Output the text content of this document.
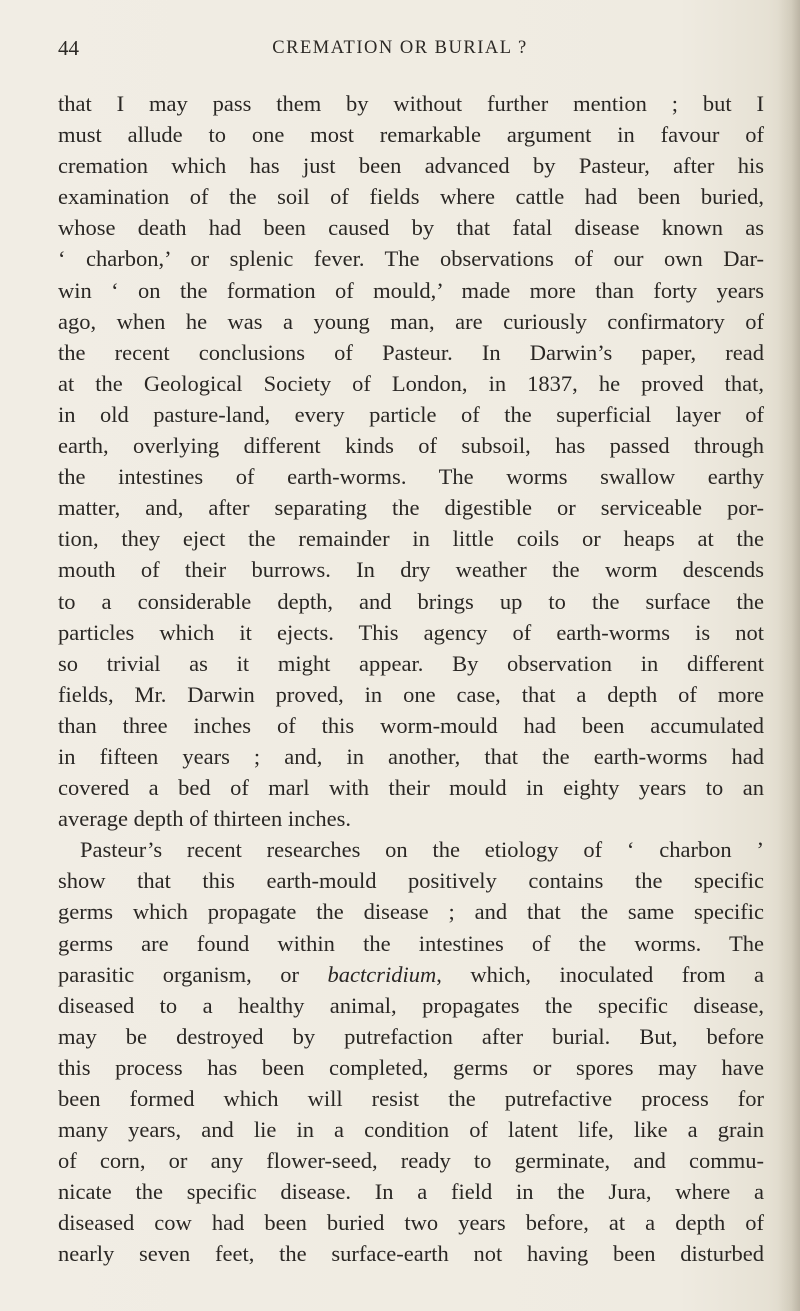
44	CREMATION OR BURIAL ?
that I may pass them by without further mention ; but I
must allude to one most remarkable argument in favour of
cremation which has just been advanced by Pasteur, after his
examination of the soil of fields where cattle had been buried,
whose death had been caused by that fatal disease known as
‘ charbon,’ or splenic fever. The observations of our own Dar-
win ‘ on the formation of mould,’ made more than forty years
ago, when he was a young man, are curiously confirmatory of
the recent conclusions of Pasteur. In Darwin’s paper, read
at the Geological Society of London, in 1837, he proved that,
in old pasture-land, every particle of the superficial layer of
earth, overlying different kinds of subsoil, has passed through
the intestines of earth-worms. The worms swallow earthy
matter, and, after separating the digestible or serviceable por-
tion, they eject the remainder in little coils or heaps at the
mouth of their burrows. In dry weather the worm descends
to a considerable depth, and brings up to the surface the
particles which it ejects. This agency of earth-worms is not
so trivial as it might appear. By observation in different
fields, Mr. Darwin proved, in one case, that a depth of more
than three inches of this worm-mould had been accumulated
in fifteen years ; and, in another, that the earth-worms had
covered a bed of marl with their mould in eighty years to an
average depth of thirteen inches.
Pasteur’s recent researches on the etiology of ‘ charbon ’
show that this earth-mould positively contains the specific
germs which propagate the disease ; and that the same specific
germs are found within the intestines of the worms. The
parasitic organism, or bactcridium, which, inoculated from a
diseased to a healthy animal, propagates the specific disease,
may be destroyed by putrefaction after burial. But, before
this process has been completed, germs or spores may have
been formed which will resist the putrefactive process for
many years, and lie in a condition of latent life, like a grain
of corn, or any flower-seed, ready to germinate, and commu-
nicate the specific disease. In a field in the Jura, where a
diseased cow had been buried two years before, at a depth of
nearly seven feet, the surface-earth not having been disturbed
